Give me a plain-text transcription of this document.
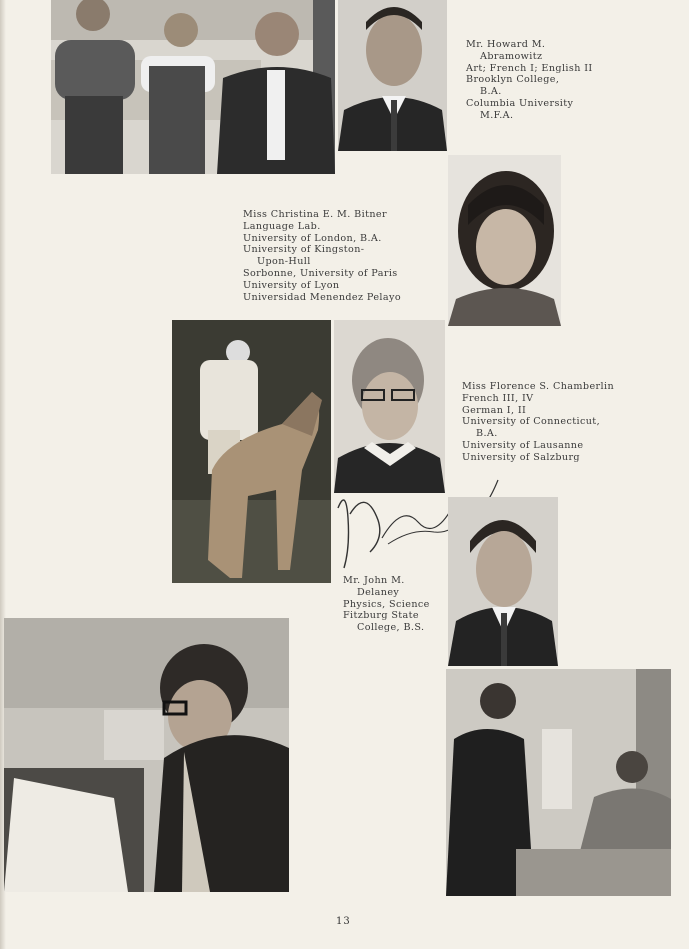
Mr. Howard M.
Abramowitz
Art; French I; English II
Brooklyn College,
B.A.
Columbia University
M.F.A.
Miss Christina E. M. Bitner
Language Lab.
University of London, B.A.
University of Kingston-
Upon-Hull
Sorbonne, University of Paris
University of Lyon
Universidad Menendez Pelayo
Miss Florence S. Chamberlin
French III, IV
German I, II
University of Connecticut,
B.A.
University of Lausanne
University of Salzburg
Mr. John M.
Delaney
Physics, Science
Fitzburg State
College, B.S.
13
